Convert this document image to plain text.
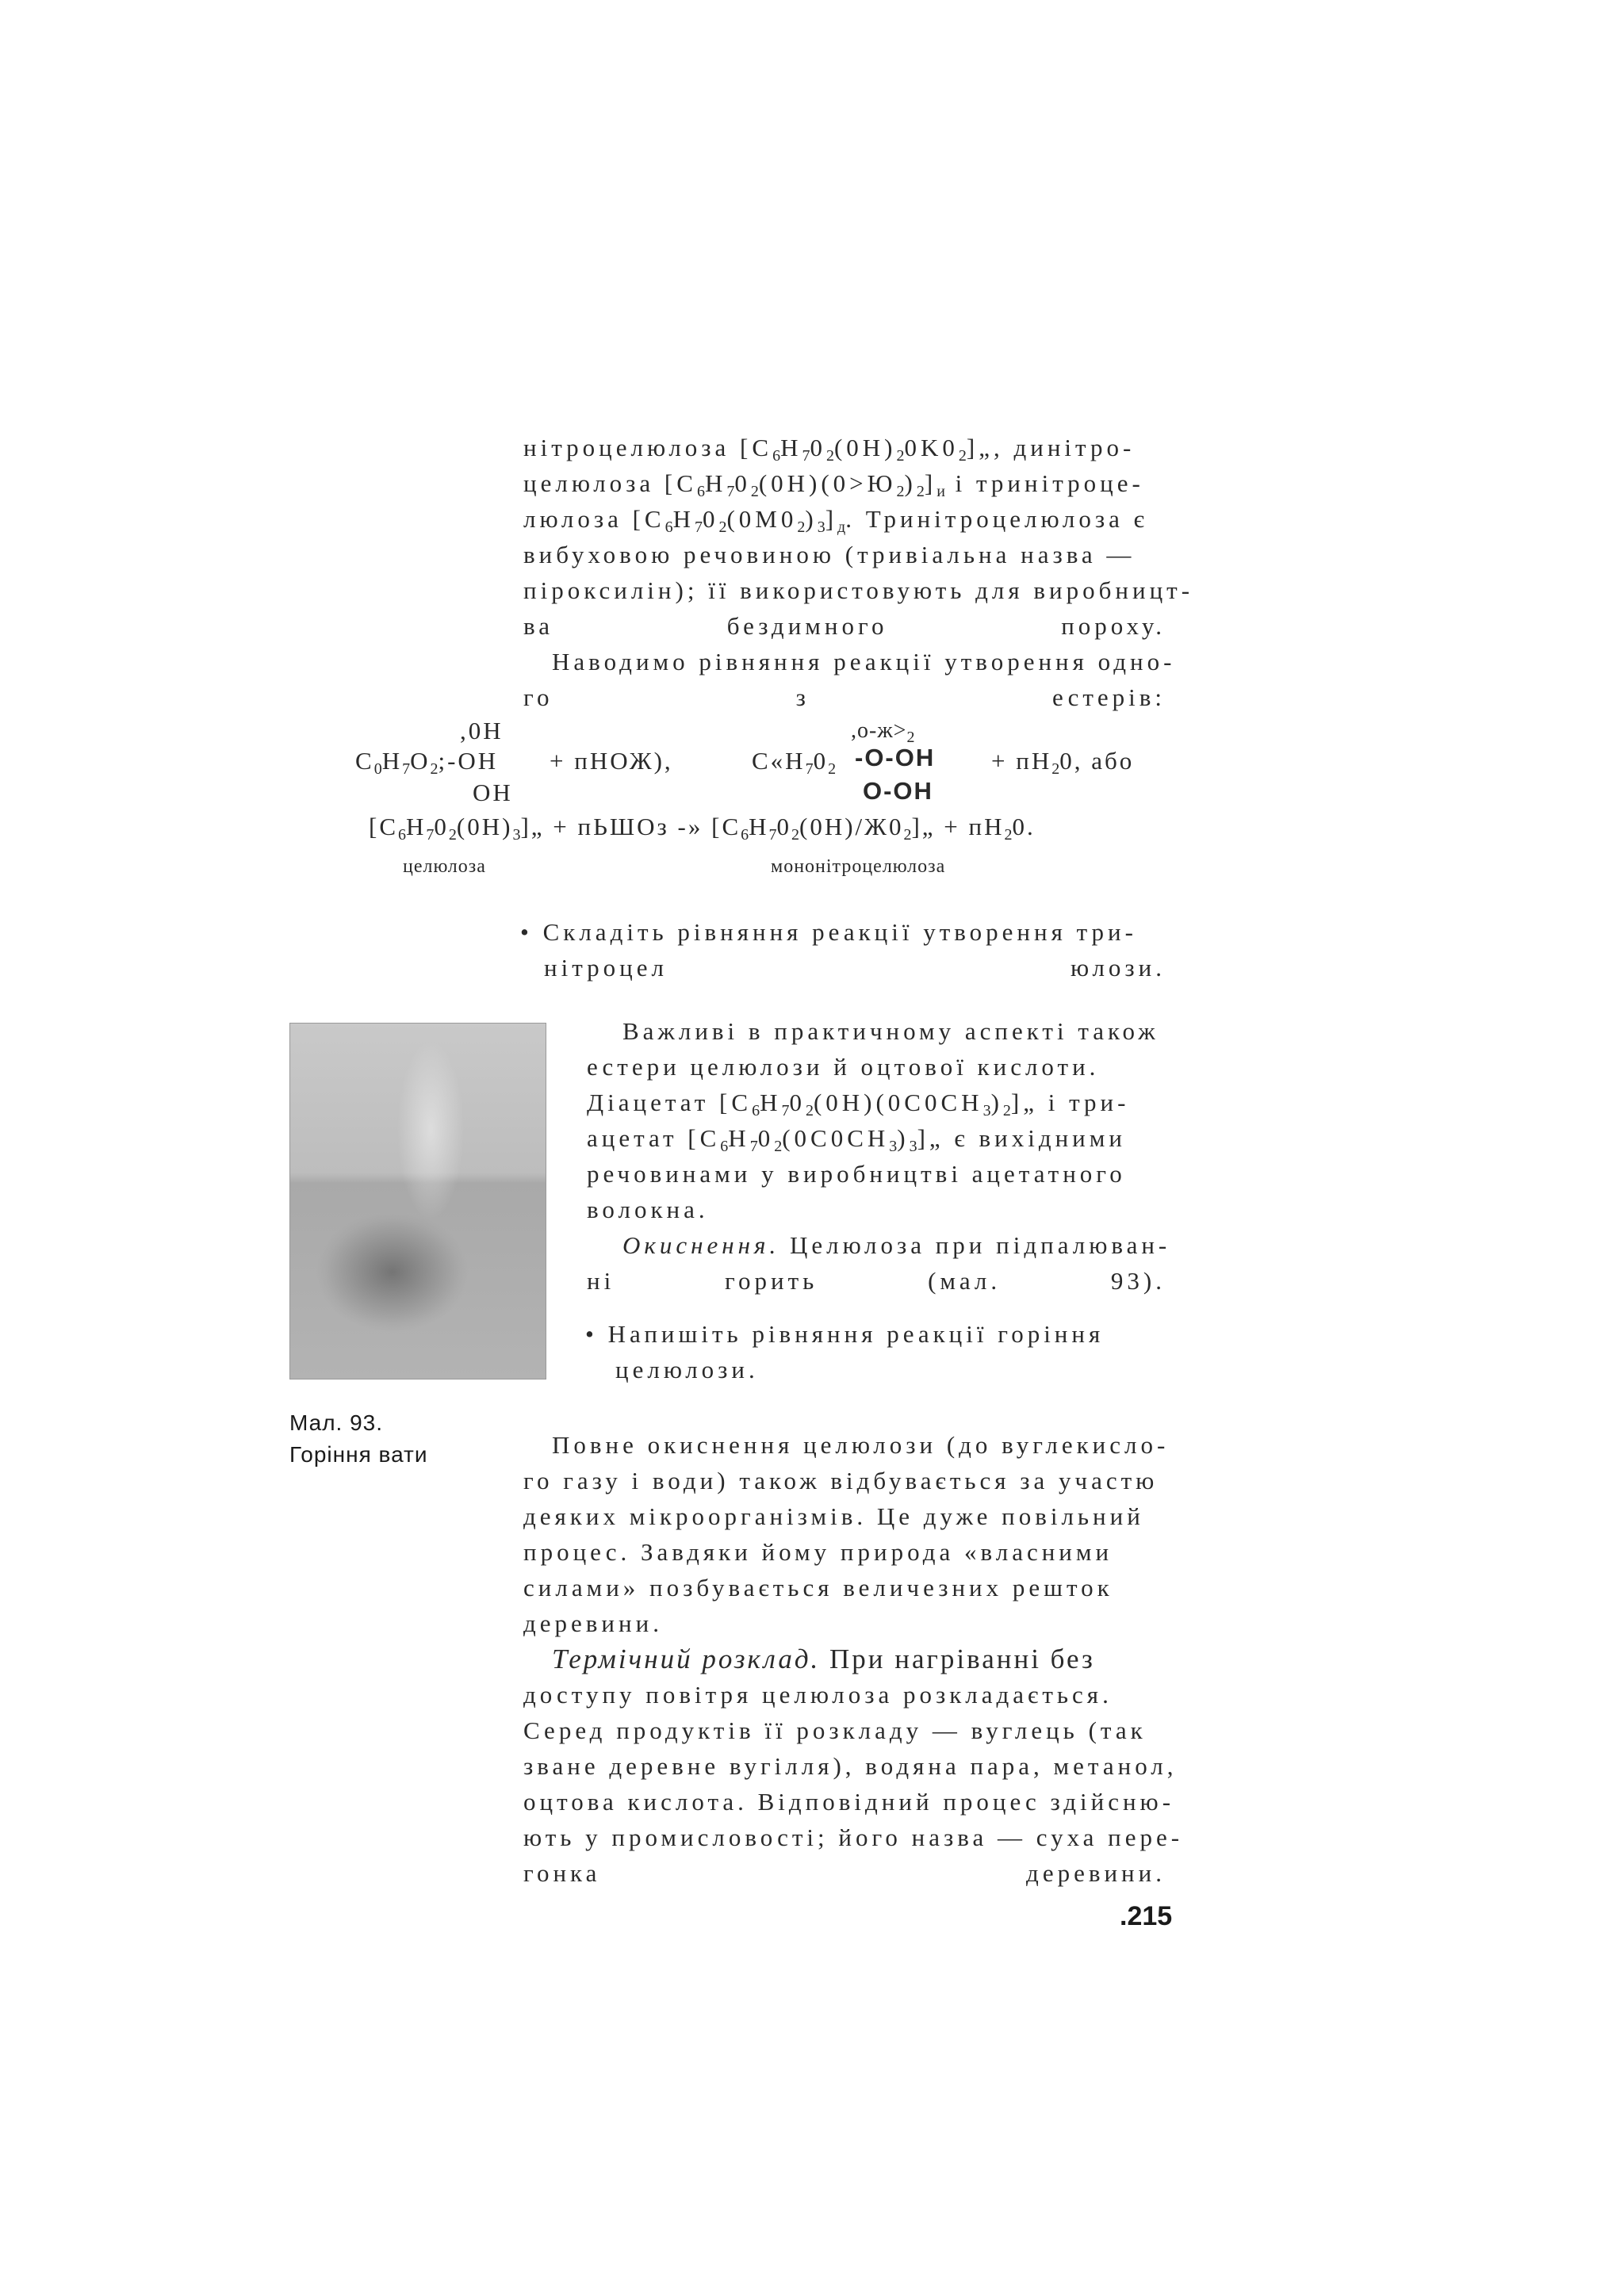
нітроцелюлоза $[C_6H_70_2(0H)_20K0_2]„$, динітро-
целюлоза $[C_6H_70_2(0H)(0>Ю_2)_2]_и$ і тринітроце-
люлоза $[C_6H_70_2(0M0_2)_3]_д$. Тринітроцелюлоза є
вибуховою речовиною (тривіальна назва —
піроксилін); її використовують для виробницт-
ва бездимного пороху.
Наводимо рівняння реакції утворення одно-
го з естерів:
,0H
$C_0H_7O_2;-OH$
OH
+ пHОЖ),
$,о-ж>_2$
$C«H_70_2$ -O-OH
O-OH
+ $пH_20$, або
$[C_6H_70_2(0H)_3]„$ + пЬШОз -» $[C_6H_70_2(0H)/Ж0_2]„ + пH_20$.
целюлоза	мононітроцелюлоза
• Складіть рівняння реакції утворення три-
нітроцел юлози.
Мал. 93.
Горіння вати
Важливі в практичному аспекті також
естери целюлози й оцтової кислоти.
Діацетат $[C_6H_70_2(0H)(0C0CH_3)_2]„$ і три-
ацетат $[C_6H_70_2(0C0CH_3)_3]„$ є вихідними
речовинами у виробництві ацетатного
волокна.
Окиснення. Целюлоза при підпалюван-
ні горить (мал. 93).
• Напишіть рівняння реакції горіння
целюлози.
Повне окиснення целюлози (до вуглекисло-
го газу і води) також відбувається за участю
деяких мікроорганізмів. Це дуже повільний
процес. Завдяки йому природа «власними
силами» позбувається величезних решток
деревини.
Термічний розклад. При нагріванні без
доступу повітря целюлоза розкладається.
Серед продуктів її розкладу — вуглець (так
зване деревне вугілля), водяна пара, метанол,
оцтова кислота. Відповідний процес здійсню-
ють у промисловості; його назва — суха пере-
гонка деревини.
.215
